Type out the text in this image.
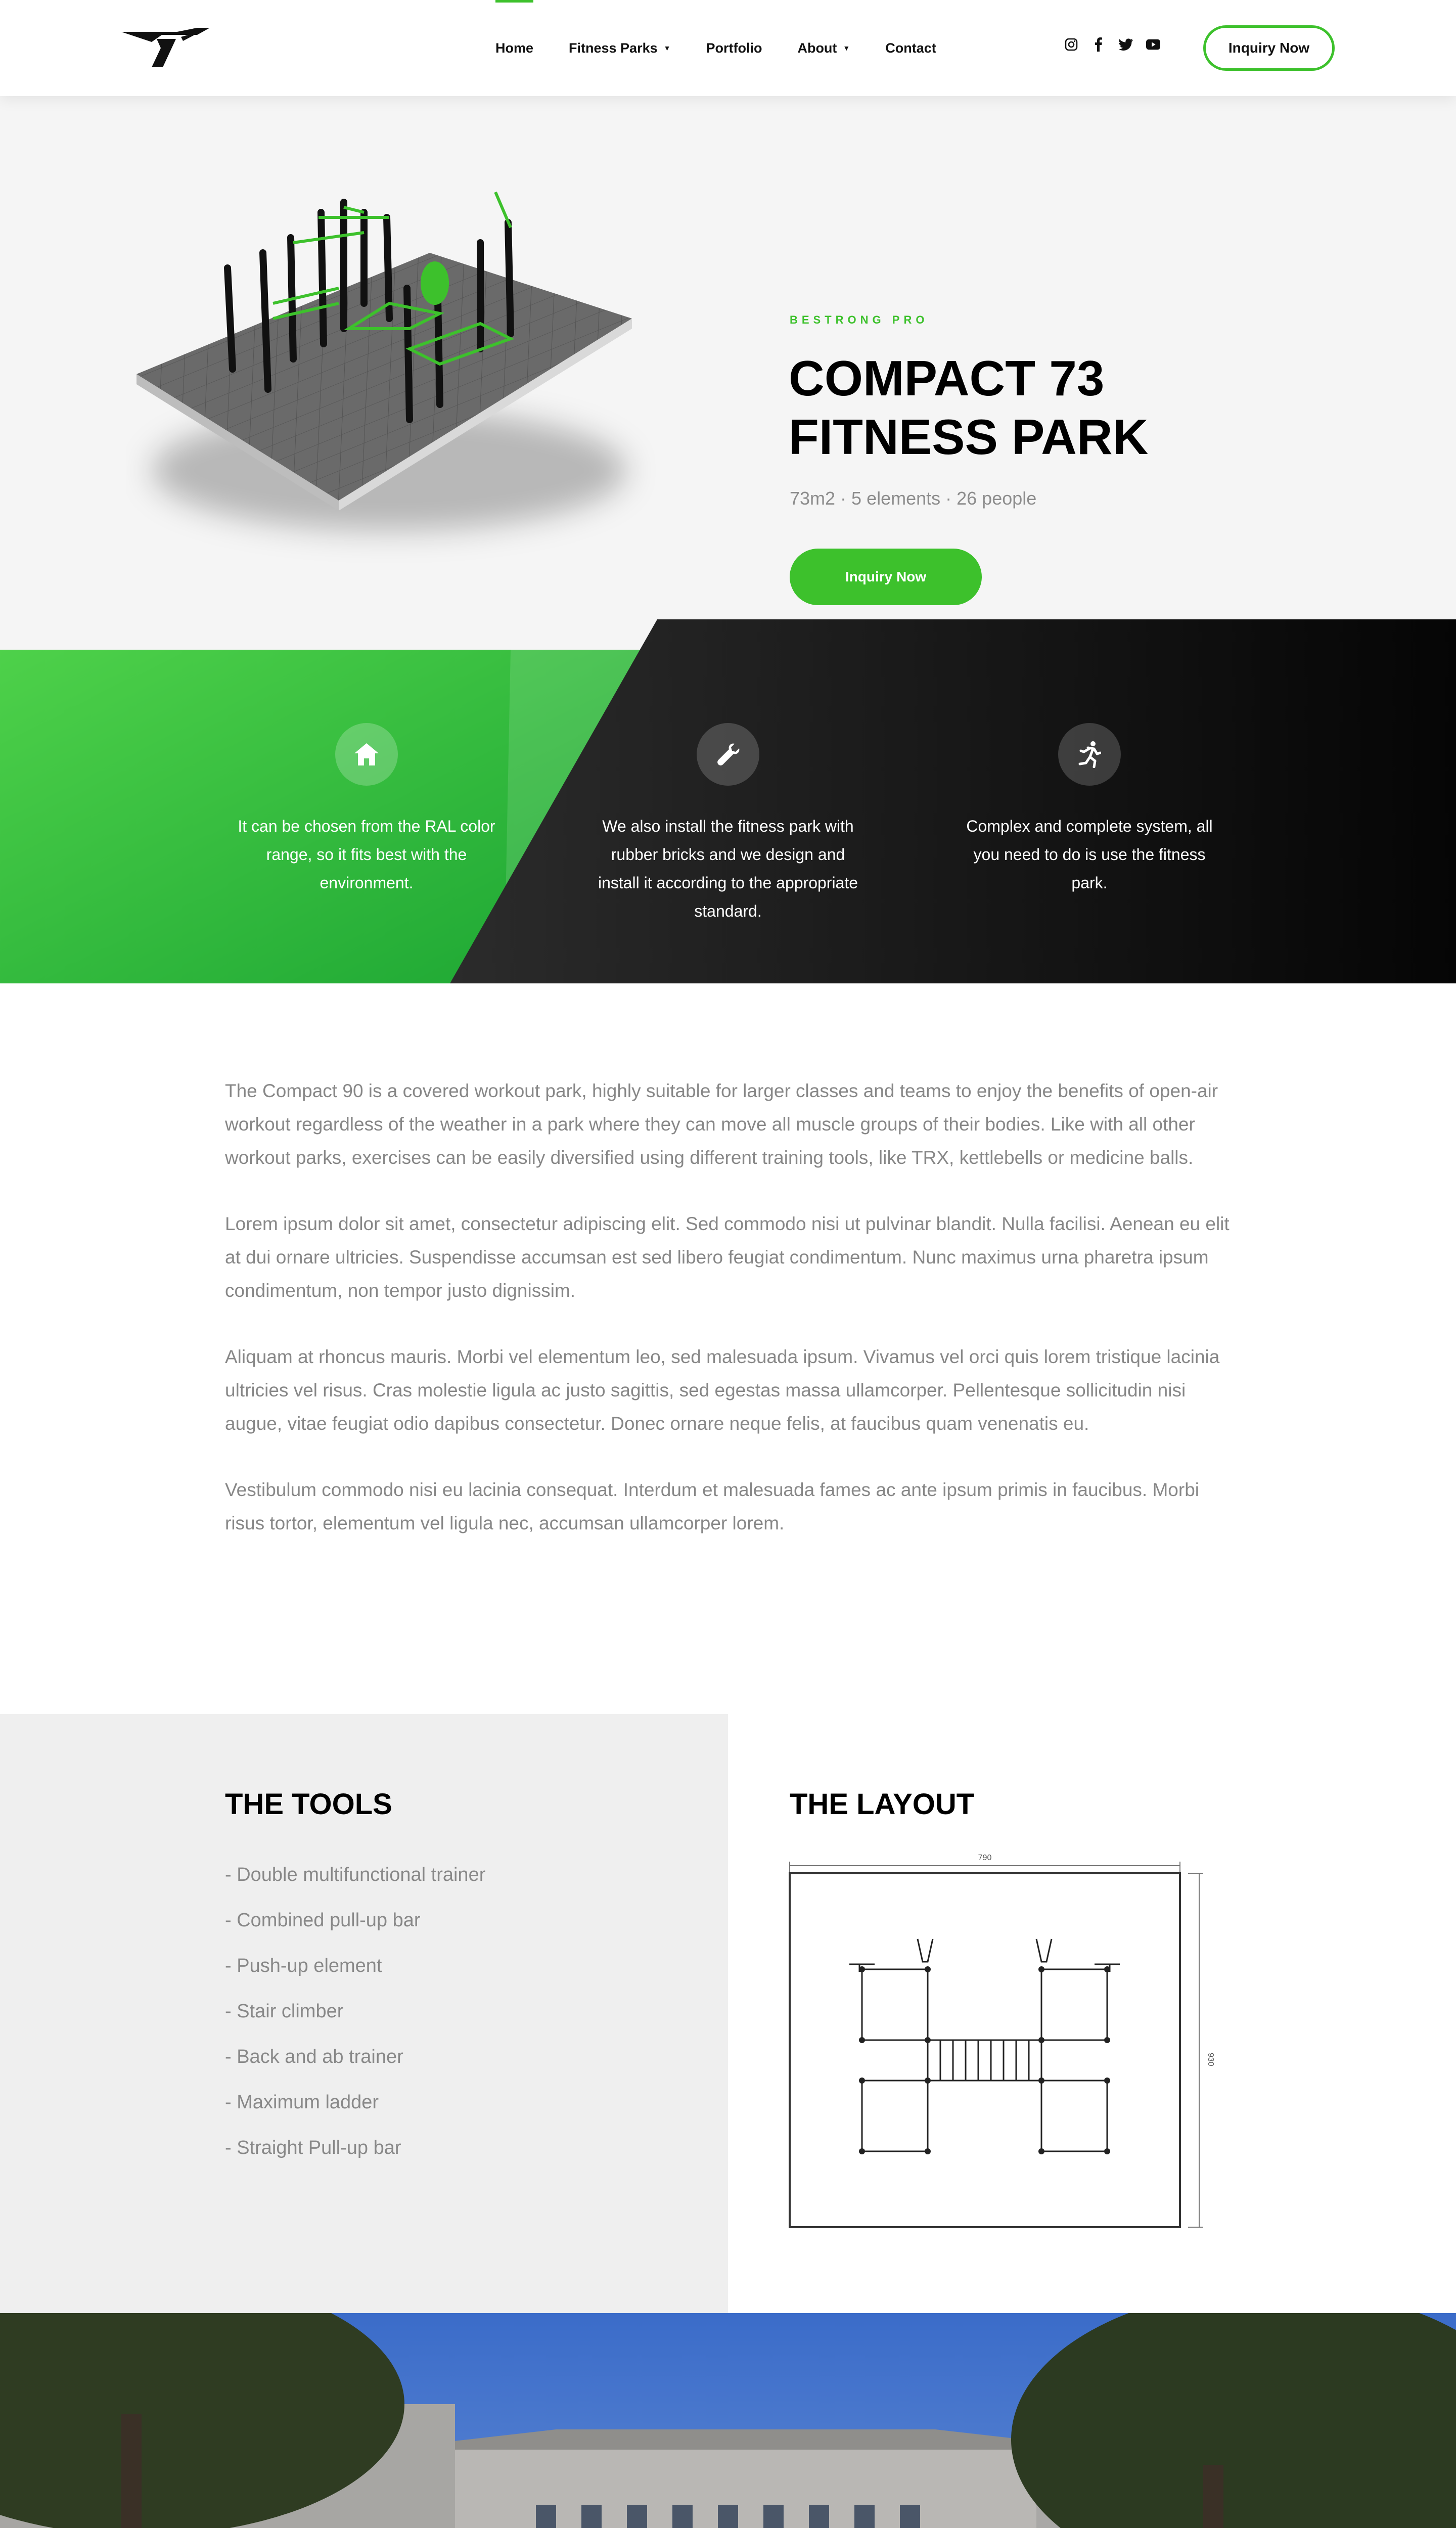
Home	Fitness Parks ▼	Portfolio	About ▼	Contact	Inquiry Now
BESTRONG PRO
COMPACT 73 FITNESS PARK
73m2 · 5 elements · 26 people
Inquiry Now
It can be chosen from the RAL color range, so it fits best with the environment.
We also install the fitness park with rubber bricks and we design and install it according to the appropriate standard.
Complex and complete system, all you need to do is use the fitness park.

The Compact 90 is a covered workout park, highly suitable for larger classes and teams to enjoy the benefits of open-air workout regardless of the weather in a park where they can move all muscle groups of their bodies. Like with all other workout parks, exercises can be easily diversified using different training tools, like TRX, kettlebells or medicine balls.

Lorem ipsum dolor sit amet, consectetur adipiscing elit. Sed commodo nisi ut pulvinar blandit. Nulla facilisi. Aenean eu elit at dui ornare ultricies. Suspendisse accumsan est sed libero feugiat condimentum. Nunc maximus urna pharetra ipsum condimentum, non tempor justo dignissim.

Aliquam at rhoncus mauris. Morbi vel elementum leo, sed malesuada ipsum. Vivamus vel orci quis lorem tristique lacinia ultricies vel risus. Cras molestie ligula ac justo sagittis, sed egestas massa ullamcorper. Pellentesque sollicitudin nisi augue, vitae feugiat odio dapibus consectetur. Donec ornare neque felis, at faucibus quam venenatis eu.

Vestibulum commodo nisi eu lacinia consequat. Interdum et malesuada fames ac ante ipsum primis in faucibus. Morbi risus tortor, elementum vel ligula nec, accumsan ullamcorper lorem.

THE TOOLS
- Double multifunctional trainer
- Combined pull-up bar
- Push-up element
- Stair climber
- Back and ab trainer
- Maximum ladder
- Straight Pull-up bar
THE LAYOUT
790
930
